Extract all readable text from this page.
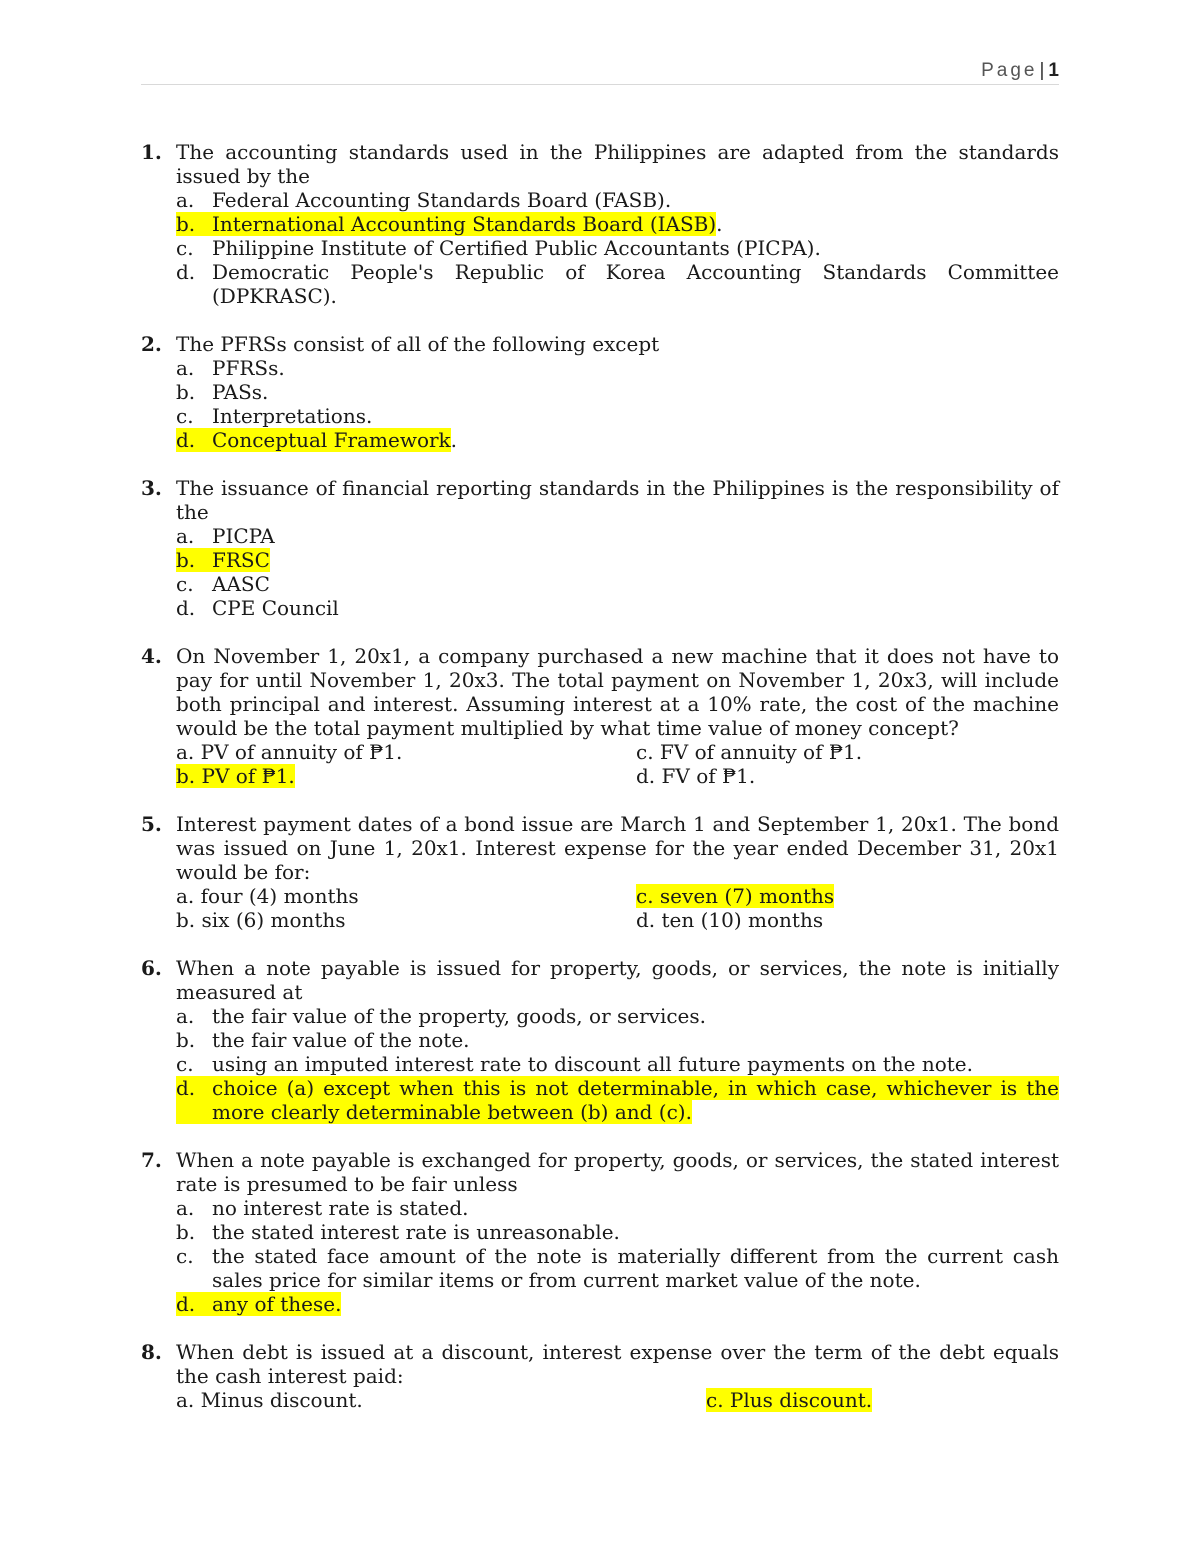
Page | 1
1. The accounting standards used in the Philippines are adapted from the standards issued by the
a. Federal Accounting Standards Board (FASB).
b. International Accounting Standards Board (IASB).
c. Philippine Institute of Certified Public Accountants (PICPA).
d. Democratic People's Republic of Korea Accounting Standards Committee (DPKRASC).
2. The PFRSs consist of all of the following except
a. PFRSs.
b. PASs.
c. Interpretations.
d. Conceptual Framework.
3. The issuance of financial reporting standards in the Philippines is the responsibility of the
a. PICPA
b. FRSC
c. AASC
d. CPE Council
4. On November 1, 20x1, a company purchased a new machine that it does not have to pay for until November 1, 20x3. The total payment on November 1, 20x3, will include both principal and interest. Assuming interest at a 10% rate, the cost of the machine would be the total payment multiplied by what time value of money concept?
a. PV of annuity of ₱1.	c. FV of annuity of ₱1.
b. PV of ₱1.	d. FV of ₱1.
5. Interest payment dates of a bond issue are March 1 and September 1, 20x1. The bond was issued on June 1, 20x1. Interest expense for the year ended December 31, 20x1 would be for:
a. four (4) months	c. seven (7) months
b. six (6) months	d. ten (10) months
6. When a note payable is issued for property, goods, or services, the note is initially measured at
a. the fair value of the property, goods, or services.
b. the fair value of the note.
c. using an imputed interest rate to discount all future payments on the note.
d. choice (a) except when this is not determinable, in which case, whichever is the more clearly determinable between (b) and (c).
7. When a note payable is exchanged for property, goods, or services, the stated interest rate is presumed to be fair unless
a. no interest rate is stated.
b. the stated interest rate is unreasonable.
c. the stated face amount of the note is materially different from the current cash sales price for similar items or from current market value of the note.
d. any of these.
8. When debt is issued at a discount, interest expense over the term of the debt equals the cash interest paid:
a. Minus discount.	c. Plus discount.
